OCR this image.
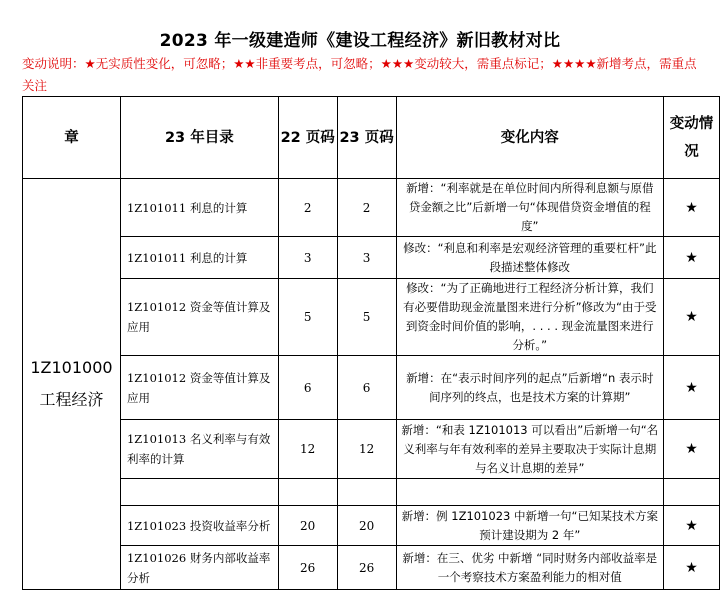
2023 年一级建造师《建设工程经济》新旧教材对比
变动说明：★无实质性变化，可忽略；★★非重要考点，可忽略；★★★变动较大，需重点标记；★★★★新增考点，需重点关注
章	23 年目录	22 页码	23 页码	变化内容	变动情况
1Z101000 工程经济	1Z101011 利息的计算	2	2	新增：“利率就是在单位时间内所得利息额与原借贷金额之比”后新增一句“体现借贷资金增值的程度”	★
	1Z101011 利息的计算	3	3	修改：“利息和利率是宏观经济管理的重要杠杆”此段描述整体修改	★
	1Z101012 资金等值计算及应用	5	5	修改：“为了正确地进行工程经济分析计算，我们有必要借助现金流量图来进行分析”修改为“由于受到资金时间价值的影响，. . . . 现金流量图来进行分析。”	★
	1Z101012 资金等值计算及应用	6	6	新增：在“表示时间序列的起点”后新增“n 表示时间序列的终点，也是技术方案的计算期”	★
	1Z101013 名义利率与有效利率的计算	12	12	新增：“和表 1Z101013 可以看出”后新增一句“名义利率与年有效利率的差异主要取决于实际计息期与名义计息期的差异”	★

	1Z101023 投资收益率分析	20	20	新增：例 1Z101023 中新增一句“已知某技术方案预计建设期为 2 年”	★
	1Z101026 财务内部收益率分析	26	26	新增：在三、优劣 中新增 “同时财务内部收益率是一个考察技术方案盈利能力的相对值	★
